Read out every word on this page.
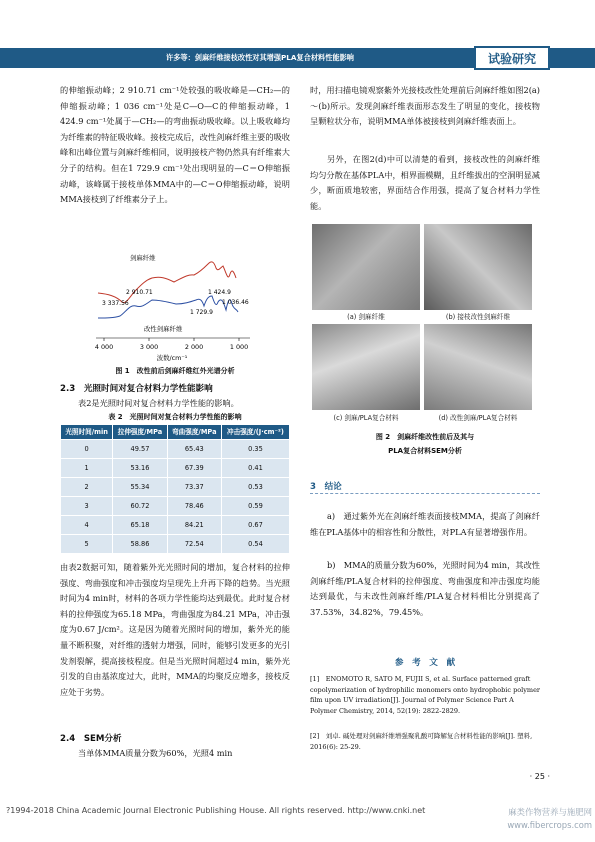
许多等：剑麻纤维接枝改性对其增强PLA复合材料性能影响	试验研究
的伸缩振动峰；2 910.71 cm⁻¹处较强的吸收峰是—CH₂—的伸缩振动峰；1 036 cm⁻¹处是C—O—C的伸缩振动峰，1 424.9 cm⁻¹处属于—CH₂—的弯曲振动吸收峰。以上吸收峰均为纤维素的特征吸收峰。接枝完成后，改性剑麻纤维主要的吸收峰和出峰位置与剑麻纤维相同，说明接枝产物仍然具有纤维素大分子的结构。但在1 729.9 cm⁻¹处出现明显的—C＝O伸缩振动峰，该峰属于接枝单体MMA中的—C＝O伸缩振动峰，说明MMA接枝到了纤维素分子上。
剑麻纤维
2 910.71
3 337.56
1 424.9
1 036.46
1 729.9
改性剑麻纤维
4 000	3 000	2 000	1 000
波数/cm⁻¹
图 1　改性前后剑麻纤维红外光谱分析
2.3　光照时间对复合材料力学性能影响
表2是光照时间对复合材料力学性能的影响。
表 2　光照时间对复合材料力学性能的影响
光照时间/min	拉伸强度/MPa	弯曲强度/MPa	冲击强度/(J·cm⁻²)
0	49.57	65.43	0.35
1	53.16	67.39	0.41
2	55.34	73.37	0.53
3	60.72	78.46	0.59
4	65.18	84.21	0.67
5	58.86	72.54	0.54
由表2数据可知，随着紫外光光照时间的增加，复合材料的拉伸强度、弯曲强度和冲击强度均呈现先上升再下降的趋势。当光照时间为4 min时，材料的各项力学性能均达到最优。此时复合材料的拉伸强度为65.18 MPa，弯曲强度为84.21 MPa，冲击强度为0.67 J/cm²。这是因为随着光照时间的增加，紫外光的能量不断积聚，对纤维的透射力增强，同时，能够引发更多的光引发剂裂解，提高接枝程度。但是当光照时间超过4 min，紫外光引发的自由基浓度过大，此时，MMA的均聚反应增多，接枝反应处于劣势。
2.4　SEM分析
当单体MMA质量分数为60%，光照4 min
时，用扫描电镜观察紫外光接枝改性处理前后剑麻纤维如图2(a)～(b)所示。发现剑麻纤维表面形态发生了明显的变化，接枝物呈颗粒状分布，说明MMA单体被接枝到剑麻纤维表面上。
另外，在图2(d)中可以清楚的看到，接枝改性的剑麻纤维均匀分散在基体PLA中，相界面模糊，且纤维拔出的空洞明显减少，断面质地较密，界面结合作用强，提高了复合材料力学性能。
(a) 剑麻纤维	(b) 接枝改性剑麻纤维
(c) 剑麻/PLA复合材料	(d) 改性剑麻/PLA复合材料
图 2　剑麻纤维改性前后及其与
PLA复合材料SEM分析
3　结论
a)　通过紫外光在剑麻纤维表面接枝MMA，提高了剑麻纤维在PLA基体中的相容性和分散性，对PLA有显著增强作用。
b)　MMA的质量分数为60%，光照时间为4 min，其改性剑麻纤维/PLA复合材料的拉伸强度、弯曲强度和冲击强度均能达到最优，与未改性剑麻纤维/PLA复合材料相比分别提高了37.53%，34.82%，79.45%。
参　考　文　献
[1]　ENOMOTO R, SATO M, FUJII S, et al. Surface patterned graft copolymerization of hydrophilic monomers onto hydrophobic polymer film upon UV irradiation[J]. Journal of Polymer Science Part A Polymer Chemistry, 2014, 52(19): 2822-2829.
[2]　刘卓. 碱处理对剑麻纤维增强聚乳酸可降解复合材料性能的影响[J]. 塑料, 2016(6): 25-29.
· 25 ·
?1994-2018 China Academic Journal Electronic Publishing House. All rights reserved. http://www.cnki.net	麻类作物营养与施肥网 www.fibercrops.com
